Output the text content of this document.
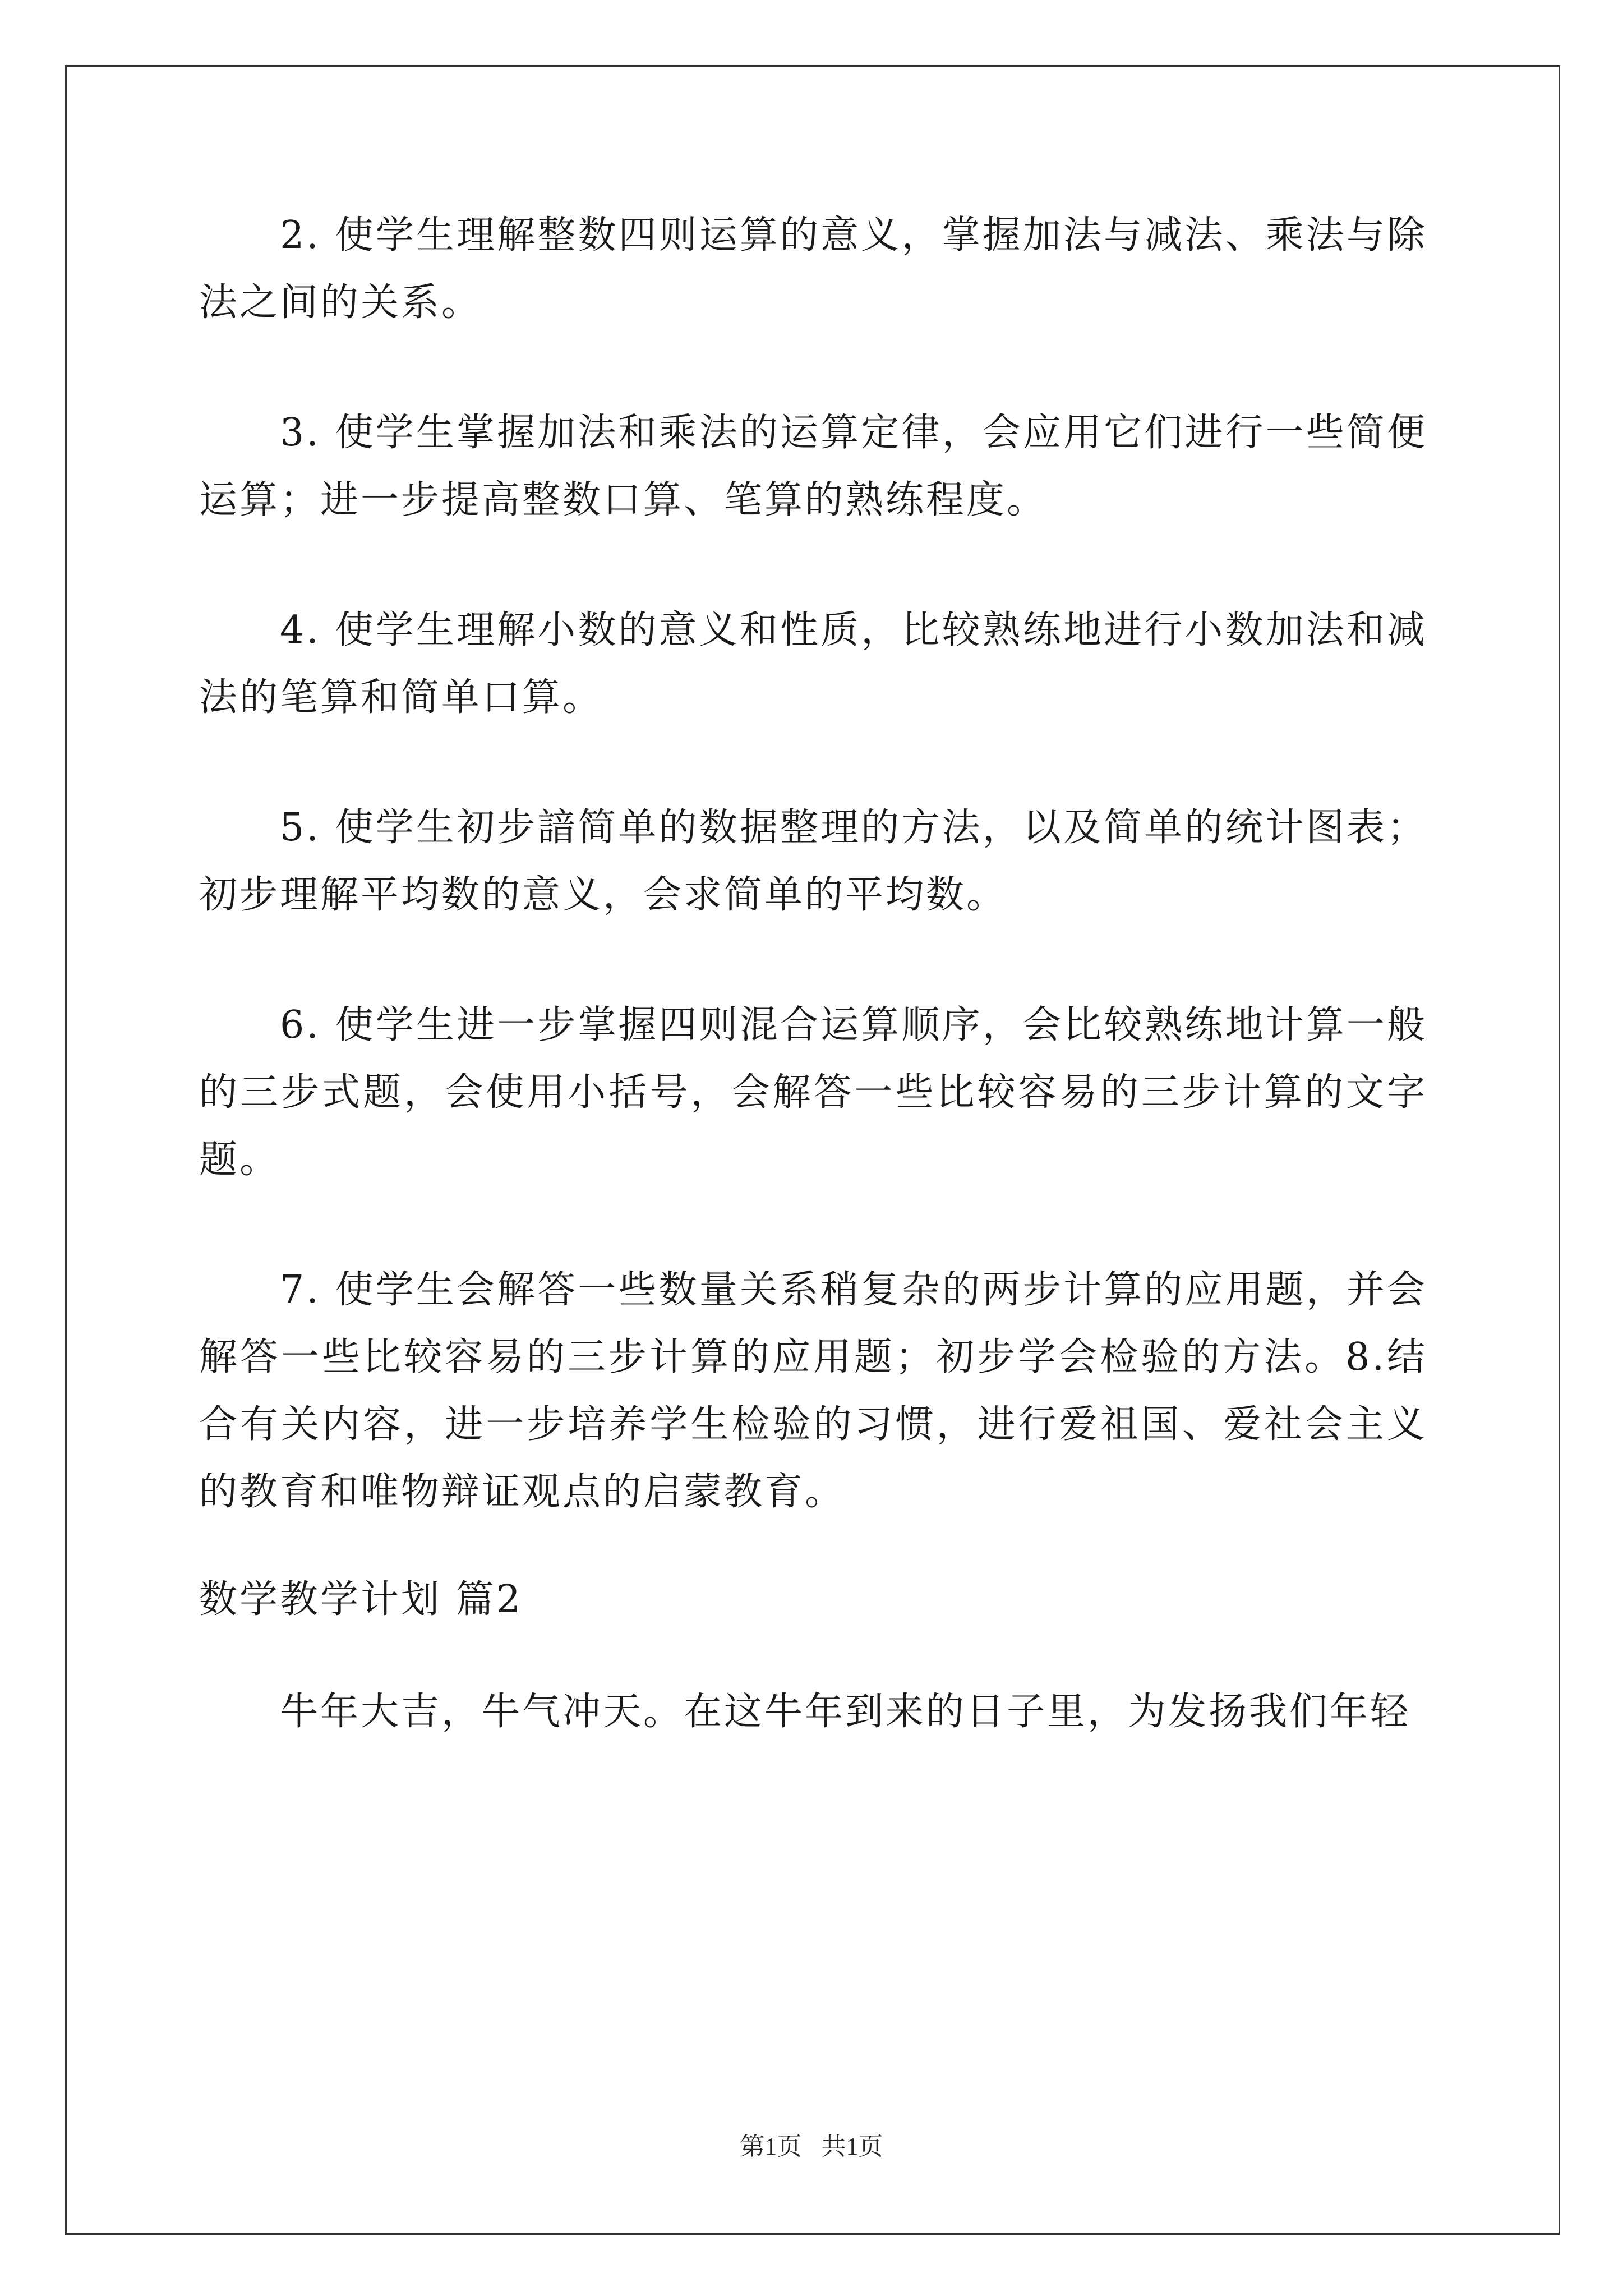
2. 使学生理解整数四则运算的意义，掌握加法与减法、乘法与除法之间的关系。

3. 使学生掌握加法和乘法的运算定律，会应用它们进行一些简便运算；进一步提高整数口算、笔算的熟练程度。

4. 使学生理解小数的意义和性质，比较熟练地进行小数加法和减法的笔算和简单口算。

5. 使学生初步諳简单的数据整理的方法，以及简单的统计图表；初步理解平均数的意义，会求简单的平均数。

6. 使学生进一步掌握四则混合运算顺序，会比较熟练地计算一般的三步式题，会使用小括号，会解答一些比较容易的三步计算的文字题。

7. 使学生会解答一些数量关系稍复杂的两步计算的应用题，并会解答一些比较容易的三步计算的应用题；初步学会检验的方法。8.结合有关内容，进一步培养学生检验的习惯，进行爱祖国、爱社会主义的教育和唯物辩证观点的启蒙教育。

数学教学计划 篇2

牛年大吉，牛气冲天。在这牛年到来的日子里，为发扬我们年轻

第1页 共1页
